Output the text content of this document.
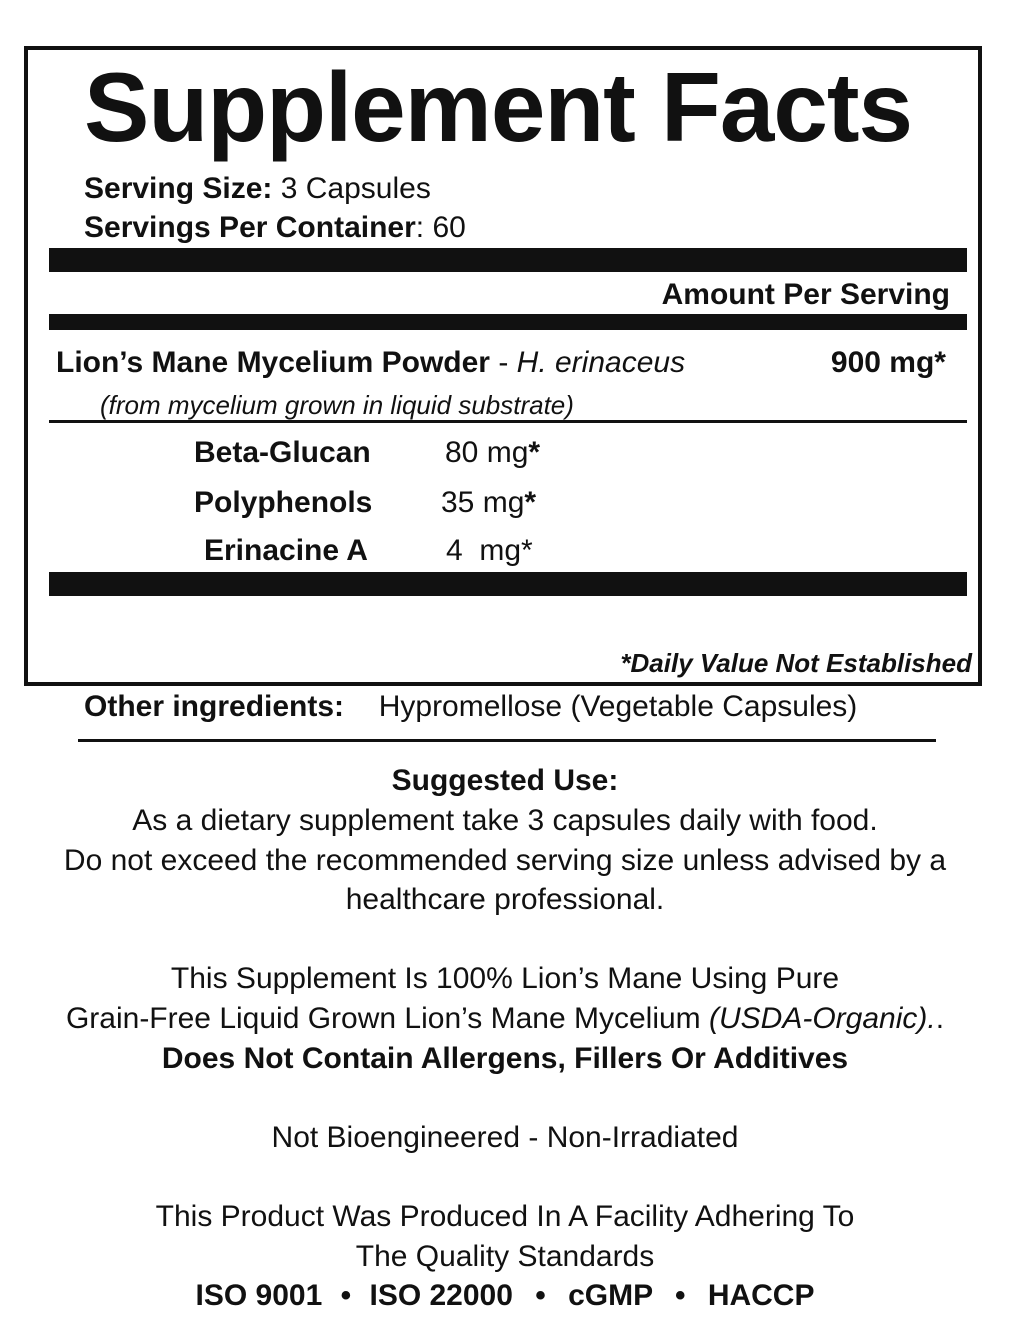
Supplement Facts
Serving Size: 3 Capsules
Servings Per Container: 60
Amount Per Serving
Lion’s Mane Mycelium Powder - H. erinaceus	900 mg*
(from mycelium grown in liquid substrate)
Beta-Glucan 80 mg*
Polyphenols 35 mg*
Erinacine A	4  mg*
*Daily Value Not Established
Other ingredients: Hypromellose (Vegetable Capsules)
Suggested Use:
As a dietary supplement take 3 capsules daily with food.
Do not exceed the recommended serving size unless advised by a
healthcare professional.
This Supplement Is 100% Lion’s Mane Using Pure
Grain-Free Liquid Grown Lion’s Mane Mycelium (USDA-Organic)..
Does Not Contain Allergens, Fillers Or Additives
Not Bioengineered - Non-Irradiated
This Product Was Produced In A Facility Adhering To
The Quality Standards
ISO 9001 • ISO 22000 • cGMP • HACCP
